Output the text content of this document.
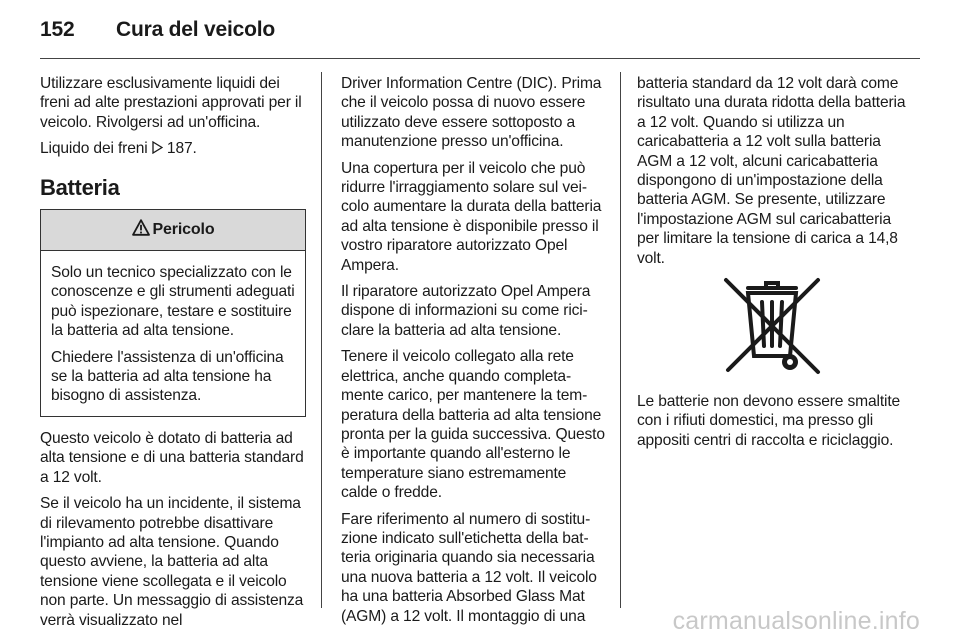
152 Cura del veicolo

Utilizzare esclusivamente liquidi dei freni ad alte prestazioni approvati per il veicolo. Rivolgersi ad un'officina.

Liquido dei freni  187.

Batteria
Pericolo

Solo un tecnico specializzato con le conoscenze e gli strumenti adeguati può ispezionare, testare e sostituire la batteria ad alta tensione.

Chiedere l'assistenza di un'officina se la batteria ad alta tensione ha bisogno di assistenza.

Questo veicolo è dotato di batteria ad alta tensione e di una batteria standard a 12 volt.

Se il veicolo ha un incidente, il sistema di rilevamento potrebbe disattivare l'impianto ad alta tensione. Quando questo avviene, la batteria ad alta tensione viene scollegata e il veicolo non parte. Un messaggio di assistenza verrà visualizzato nel

Driver Information Centre (DIC). Prima che il veicolo possa di nuovo essere utilizzato deve essere sottoposto a manutenzione presso un'officina.

Una copertura per il veicolo che può ridurre l'irraggiamento solare sul veicolo aumentare la durata della batteria ad alta tensione è disponibile presso il vostro riparatore autorizzato Opel Ampera.

Il riparatore autorizzato Opel Ampera dispone di informazioni su come riciclare la batteria ad alta tensione.

Tenere il veicolo collegato alla rete elettrica, anche quando completamente carico, per mantenere la temperatura della batteria ad alta tensione pronta per la guida successiva. Questo è importante quando all'esterno le temperature siano estremamente calde o fredde.

Fare riferimento al numero di sostituzione indicato sull'etichetta della batteria originaria quando sia necessaria una nuova batteria a 12 volt. Il veicolo ha una batteria Absorbed Glass Mat (AGM) a 12 volt. Il montaggio di una

batteria standard da 12 volt darà come risultato una durata ridotta della batteria a 12 volt. Quando si utilizza un caricabatteria a 12 volt sulla batteria AGM a 12 volt, alcuni caricabatteria dispongono di un'impostazione della batteria AGM. Se presente, utilizzare l'impostazione AGM sul caricabatteria per limitare la tensione di carica a 14,8 volt.

Le batterie non devono essere smaltite con i rifiuti domestici, ma presso gli appositi centri di raccolta e riciclaggio.

carmanualsonline.info
